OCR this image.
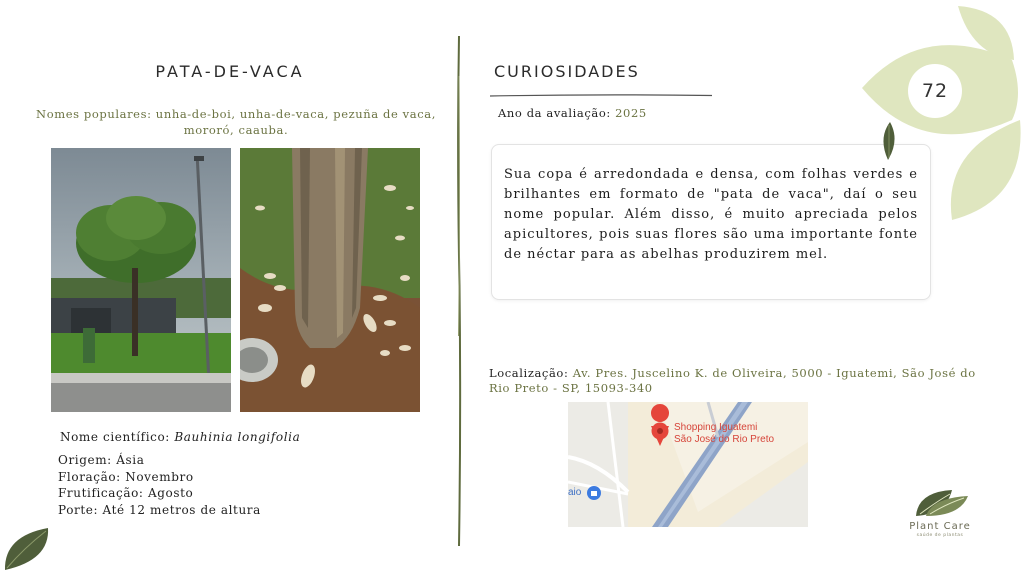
PATA-DE-VACA
Nomes populares: unha-de-boi, unha-de-vaca, pezuña de vaca, mororó, caauba.
Nome científico: Bauhinia longifolia
Origem: Ásia
Floração: Novembro
Frutificação: Agosto
Porte: Até 12 metros de altura
CURIOSIDADES
Ano da avaliação: 2025

Sua copa é arredondada e densa, com folhas verdes e brilhantes em formato de "pata de vaca", daí o seu nome popular. Além disso, é muito apreciada pelos apicultores, pois suas flores são uma importante fonte de néctar para as abelhas produzirem mel.

Localização: Av. Pres. Juscelino K. de Oliveira, 5000 - Iguatemi, São José do Rio Preto - SP, 15093-340
Shopping Iguatemi
São José do Rio Preto
aio
72
Plant Care
saúde de plantas
